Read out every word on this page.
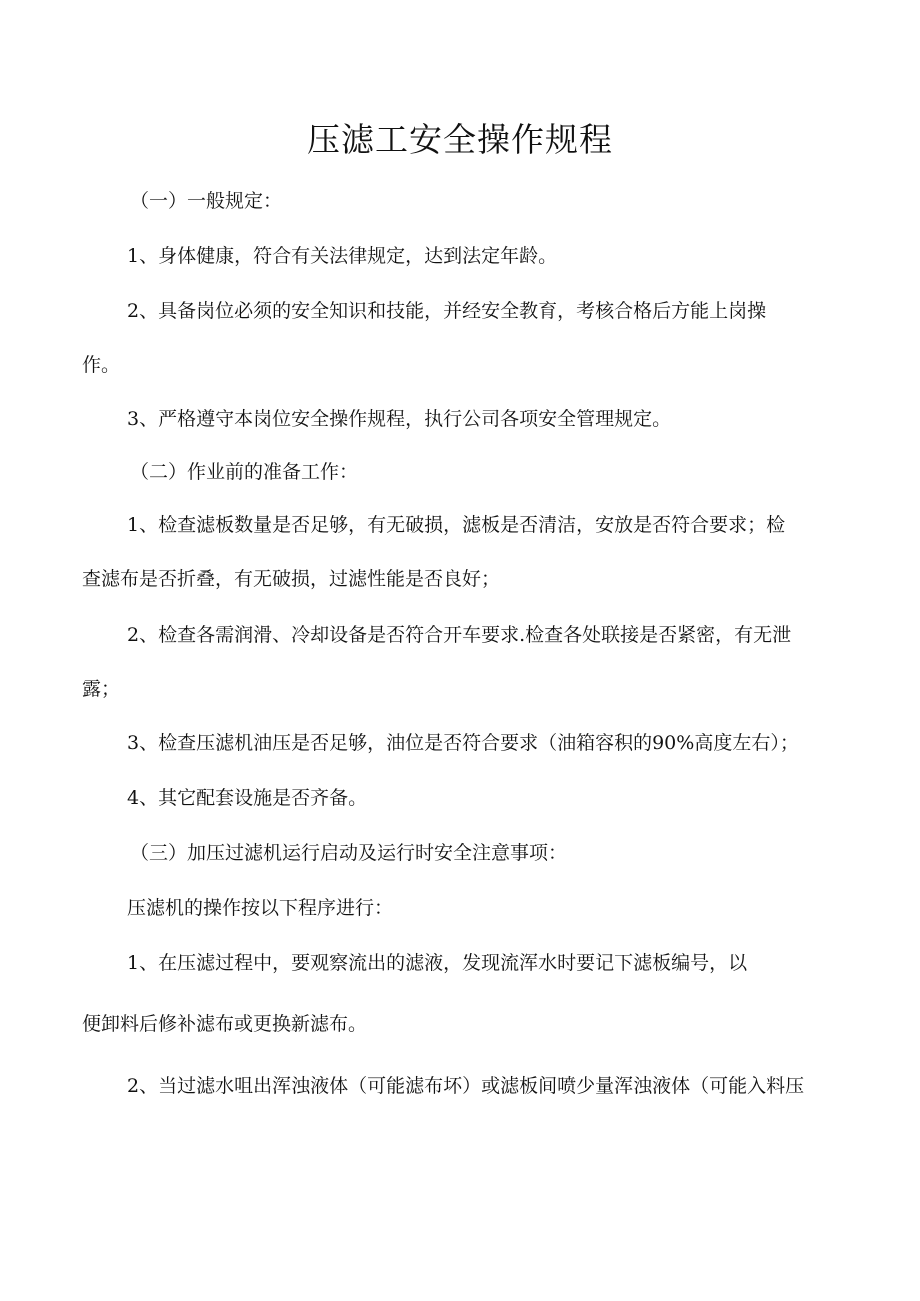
压滤工安全操作规程
（一）一般规定：
1、身体健康，符合有关法律规定，达到法定年龄。
2、具备岗位必须的安全知识和技能，并经安全教育，考核合格后方能上岗操
作。
3、严格遵守本岗位安全操作规程，执行公司各项安全管理规定。
（二）作业前的准备工作：
1、检查滤板数量是否足够，有无破损，滤板是否清洁，安放是否符合要求；检
查滤布是否折叠，有无破损，过滤性能是否良好；
2、检查各需润滑、冷却设备是否符合开车要求.检查各处联接是否紧密，有无泄
露；
3、检查压滤机油压是否足够，油位是否符合要求（油箱容积的90%高度左右）；
4、其它配套设施是否齐备。
（三）加压过滤机运行启动及运行时安全注意事项：
压滤机的操作按以下程序进行：
1、在压滤过程中，要观察流出的滤液，发现流浑水时要记下滤板编号，以
便卸料后修补滤布或更换新滤布。
2、当过滤水咀出浑浊液体（可能滤布坏）或滤板间喷少量浑浊液体（可能入料压
